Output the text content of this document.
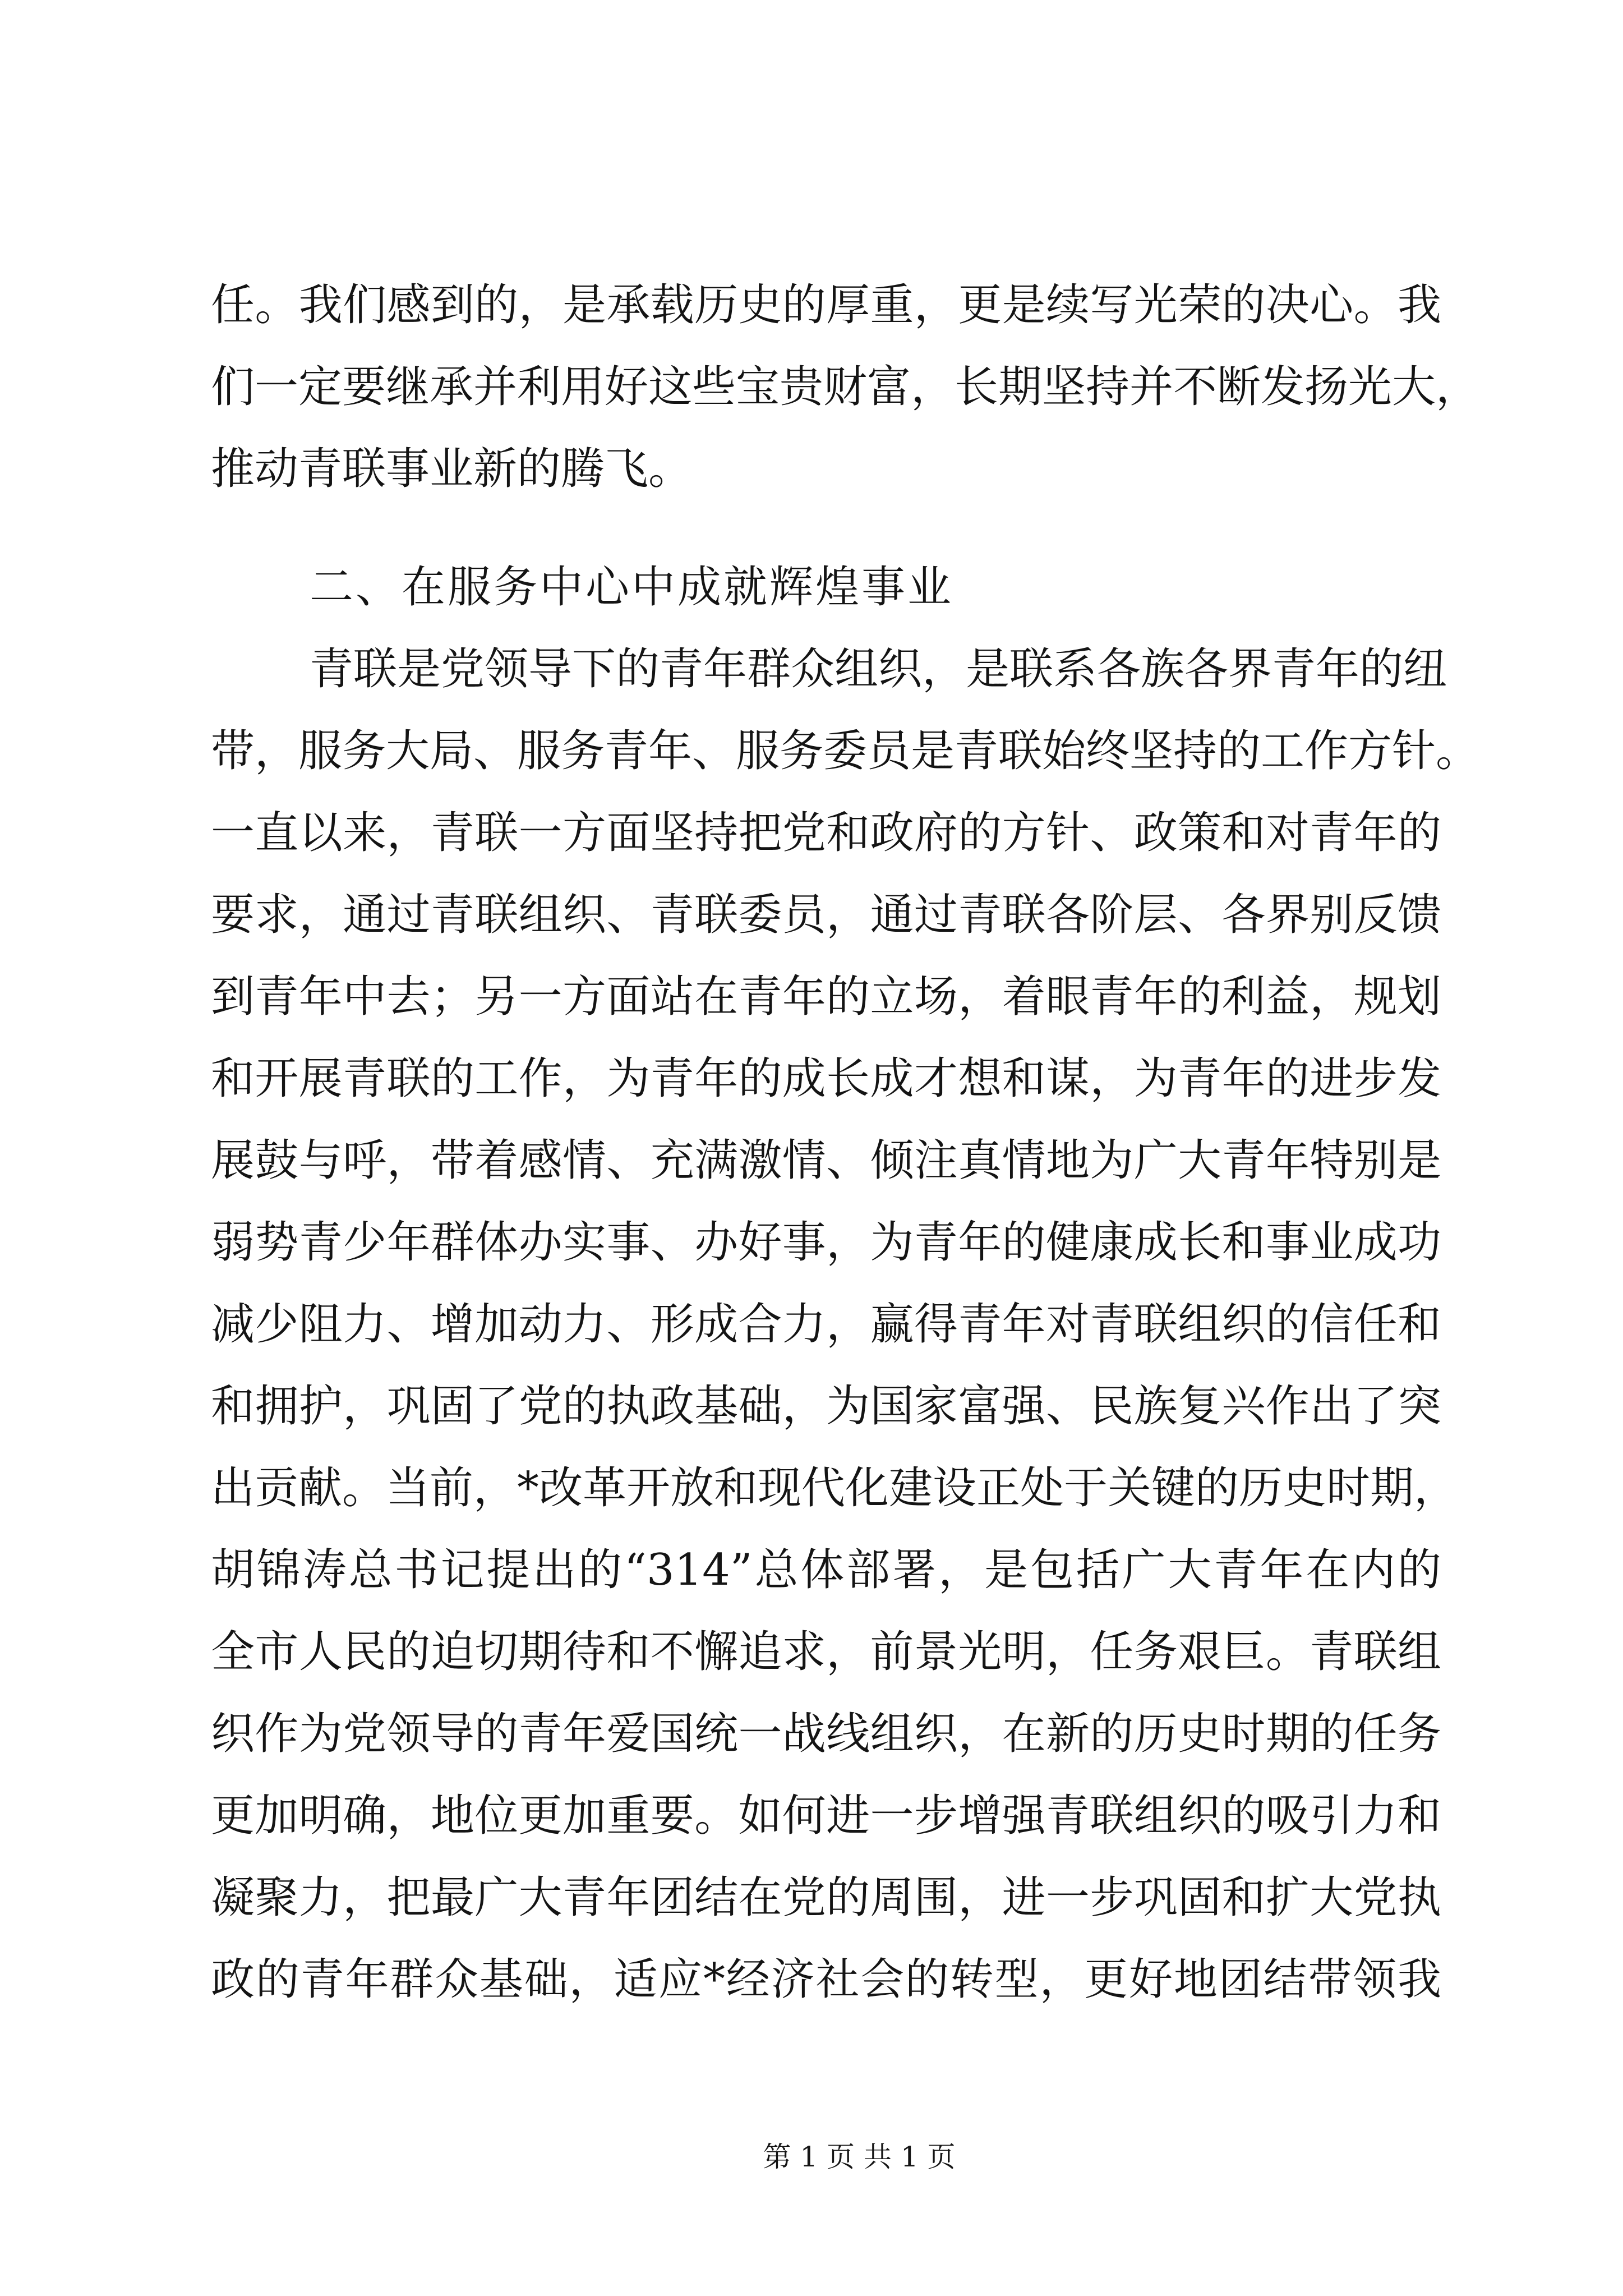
任。我们感到的，是承载历史的厚重，更是续写光荣的决心。我
们一定要继承并利用好这些宝贵财富，长期坚持并不断发扬光大，
推动青联事业新的腾飞。
二、在服务中心中成就辉煌事业
青联是党领导下的青年群众组织，是联系各族各界青年的纽
带，服务大局、服务青年、服务委员是青联始终坚持的工作方针。
一直以来，青联一方面坚持把党和政府的方针、政策和对青年的
要求，通过青联组织、青联委员，通过青联各阶层、各界别反馈
到青年中去；另一方面站在青年的立场，着眼青年的利益，规划
和开展青联的工作，为青年的成长成才想和谋，为青年的进步发
展鼓与呼，带着感情、充满激情、倾注真情地为广大青年特别是
弱势青少年群体办实事、办好事，为青年的健康成长和事业成功
减少阻力、增加动力、形成合力，赢得青年对青联组织的信任和
和拥护，巩固了党的执政基础，为国家富强、民族复兴作出了突
出贡献。当前，*改革开放和现代化建设正处于关键的历史时期，
胡锦涛总书记提出的“314”总体部署，是包括广大青年在内的
全市人民的迫切期待和不懈追求，前景光明，任务艰巨。青联组
织作为党领导的青年爱国统一战线组织，在新的历史时期的任务
更加明确，地位更加重要。如何进一步增强青联组织的吸引力和
凝聚力，把最广大青年团结在党的周围，进一步巩固和扩大党执
政的青年群众基础，适应*经济社会的转型，更好地团结带领我
第 1 页 共 1 页
